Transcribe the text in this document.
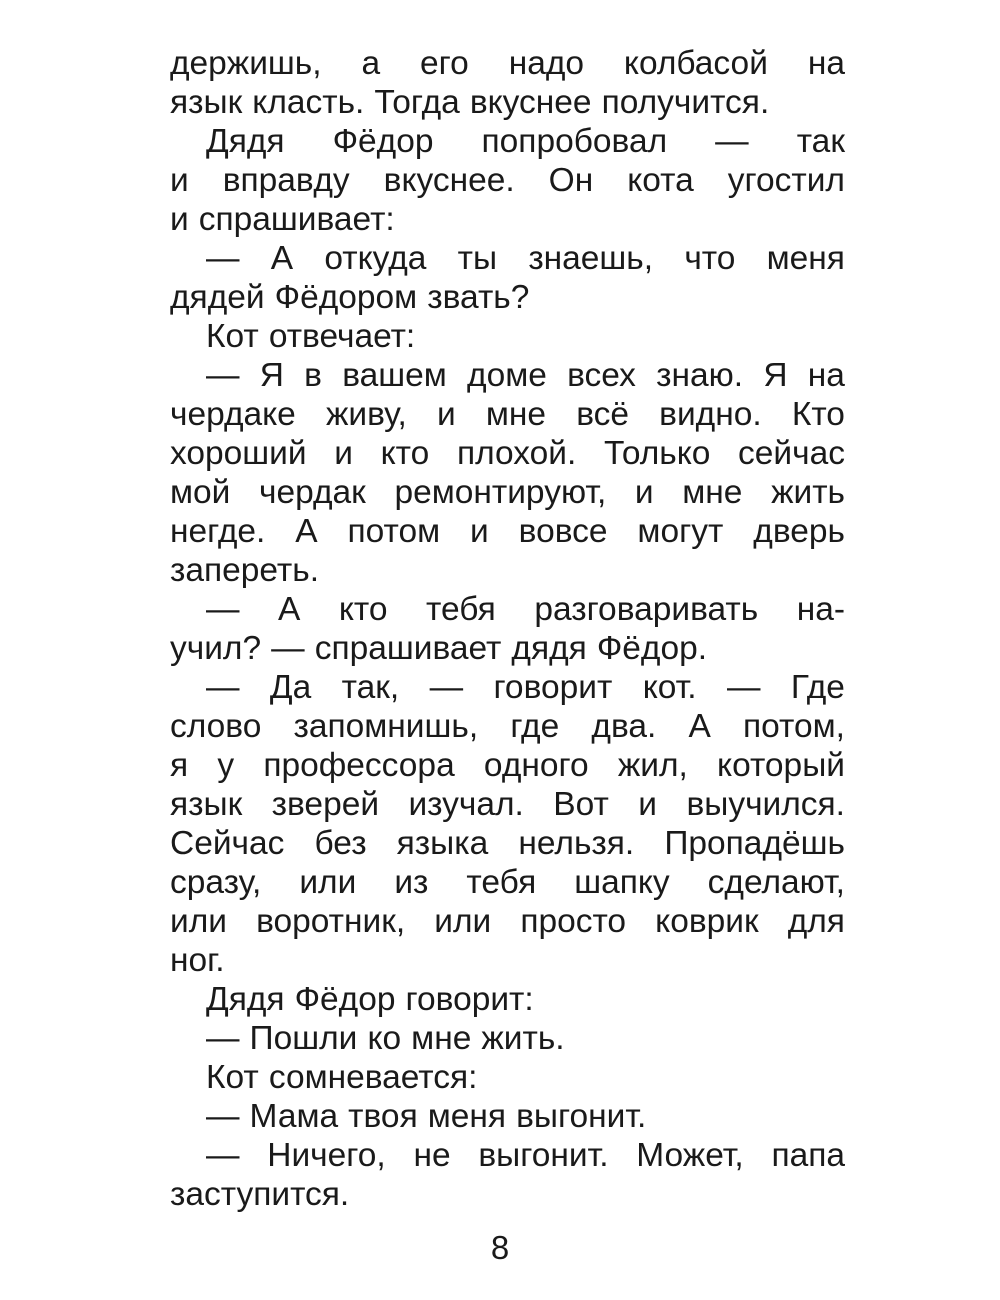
держишь, а его надо колбасой на
язык класть. Тогда вкуснее получится.
Дядя Фёдор попробовал — так
и вправду вкуснее. Он кота угостил
и спрашивает:
— А откуда ты знаешь, что меня
дядей Фёдором звать?
Кот отвечает:
— Я в вашем доме всех знаю. Я на
чердаке живу, и мне всё видно. Кто
хороший и кто плохой. Только сейчас
мой чердак ремонтируют, и мне жить
негде. А потом и вовсе могут дверь
запереть.
— А кто тебя разговаривать на-
учил? — спрашивает дядя Фёдор.
— Да так, — говорит кот. — Где
слово запомнишь, где два. А потом,
я у профессора одного жил, который
язык зверей изучал. Вот и выучился.
Сейчас без языка нельзя. Пропадёшь
сразу, или из тебя шапку сделают,
или воротник, или просто коврик для
ног.
Дядя Фёдор говорит:
— Пошли ко мне жить.
Кот сомневается:
— Мама твоя меня выгонит.
— Ничего, не выгонит. Может, папа
заступится.
8
